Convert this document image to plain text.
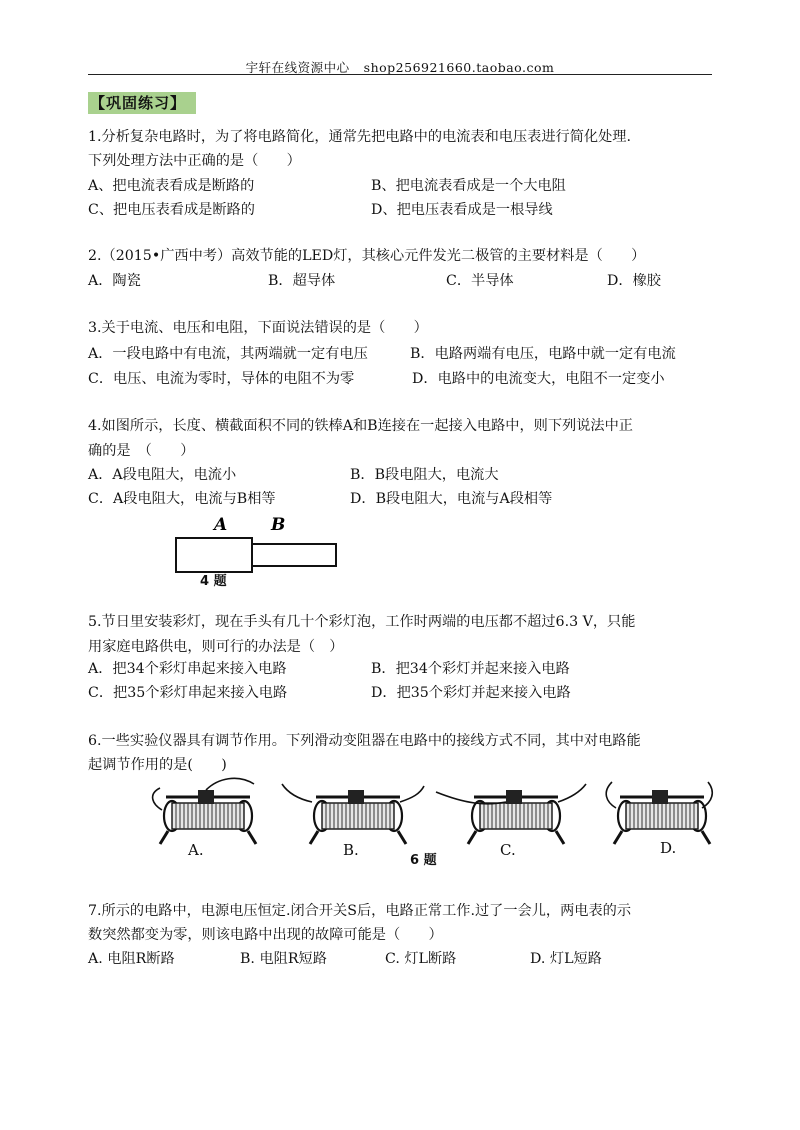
宇轩在线资源中心 shop256921660.taobao.com
【巩固练习】
1.分析复杂电路时，为了将电路简化，通常先把电路中的电流表和电压表进行简化处理.
下列处理方法中正确的是（　　）
A、把电流表看成是断路的	B、把电流表看成是一个大电阻
C、把电压表看成是断路的	D、把电压表看成是一根导线
2.（2015•广西中考）高效节能的LED灯，其核心元件发光二极管的主要材料是（　　）
A．陶瓷	B．超导体	C．半导体	D．橡胶
3.关于电流、电压和电阻，下面说法错误的是（　　）
A．一段电路中有电流，其两端就一定有电压	B．电路两端有电压，电路中就一定有电流
C．电压、电流为零时，导体的电阻不为零	D．电路中的电流变大，电阻不一定变小
4.如图所示，长度、横截面积不同的铁棒A和B连接在一起接入电路中，则下列说法中正
确的是　（　　）
A．A段电阻大，电流小	B．B段电阻大，电流大
C．A段电阻大，电流与B相等	D．B段电阻大，电流与A段相等
A	B
4 题
5.节日里安装彩灯，现在手头有几十个彩灯泡，工作时两端的电压都不超过6.3 V，只能
用家庭电路供电，则可行的办法是（　）
A．把34个彩灯串起来接入电路	B．把34个彩灯并起来接入电路
C．把35个彩灯串起来接入电路	D．把35个彩灯并起来接入电路
6.一些实验仪器具有调节作用。下列滑动变阻器在电路中的接线方式不同，其中对电路能
起调节作用的是(　　)
A.	B.	C.	D.
6 题
7.所示的电路中，电源电压恒定.闭合开关S后，电路正常工作.过了一会儿，两电表的示
数突然都变为零，则该电路中出现的故障可能是（　　）
A. 电阻R断路	B. 电阻R短路	C. 灯L断路	D. 灯L短路
